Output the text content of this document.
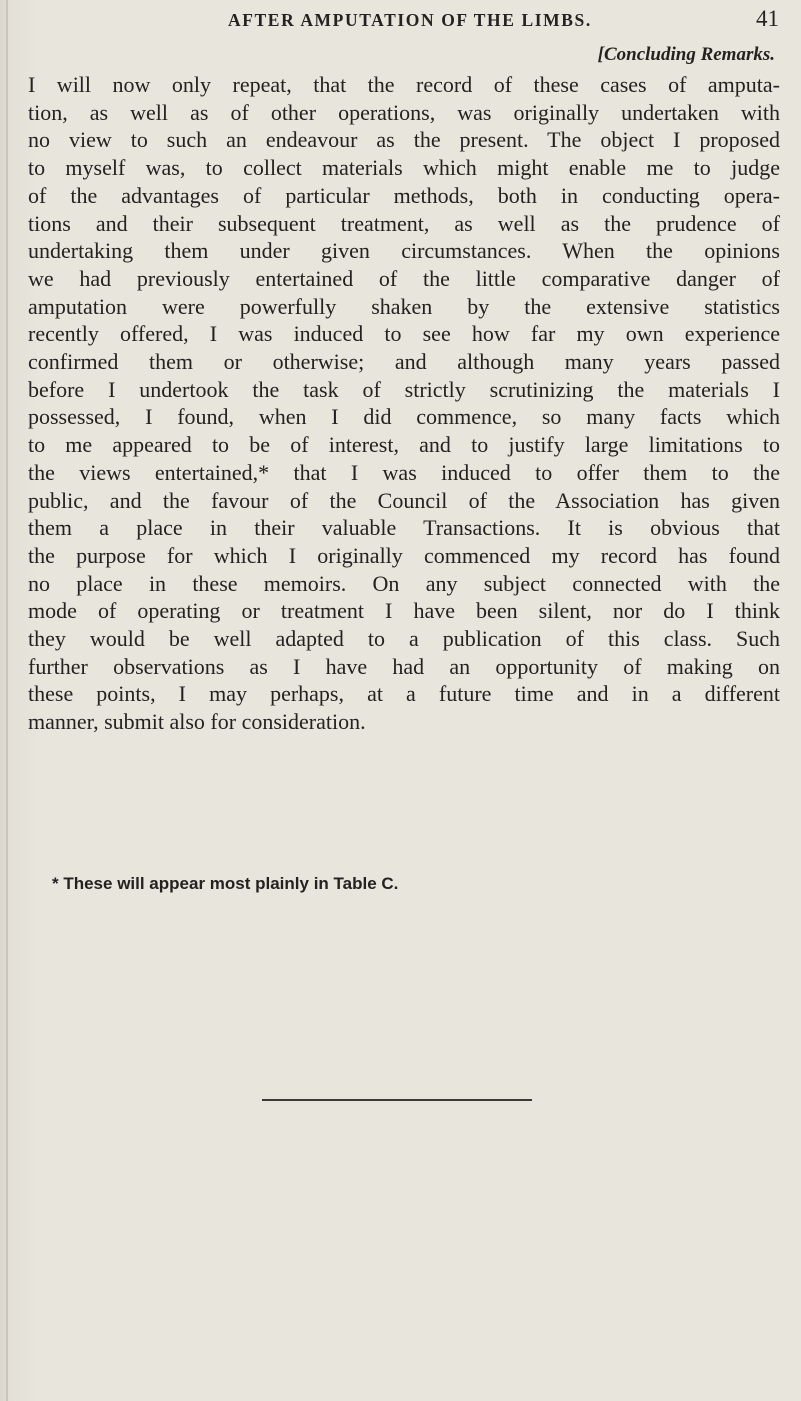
AFTER AMPUTATION OF THE LIMBS.	41
[Concluding Remarks.
I will now only repeat, that the record of these cases of amputa-
tion, as well as of other operations, was originally undertaken with
no view to such an endeavour as the present. The object I proposed
to myself was, to collect materials which might enable me to judge
of the advantages of particular methods, both in conducting opera-
tions and their subsequent treatment, as well as the prudence of
undertaking them under given circumstances. When the opinions
we had previously entertained of the little comparative danger of
amputation were powerfully shaken by the extensive statistics
recently offered, I was induced to see how far my own experience
confirmed them or otherwise; and although many years passed
before I undertook the task of strictly scrutinizing the materials I
possessed, I found, when I did commence, so many facts which
to me appeared to be of interest, and to justify large limitations to
the views entertained,* that I was induced to offer them to the
public, and the favour of the Council of the Association has given
them a place in their valuable Transactions. It is obvious that
the purpose for which I originally commenced my record has found
no place in these memoirs. On any subject connected with the
mode of operating or treatment I have been silent, nor do I think
they would be well adapted to a publication of this class. Such
further observations as I have had an opportunity of making on
these points, I may perhaps, at a future time and in a different
manner, submit also for consideration.
* These will appear most plainly in Table C.
